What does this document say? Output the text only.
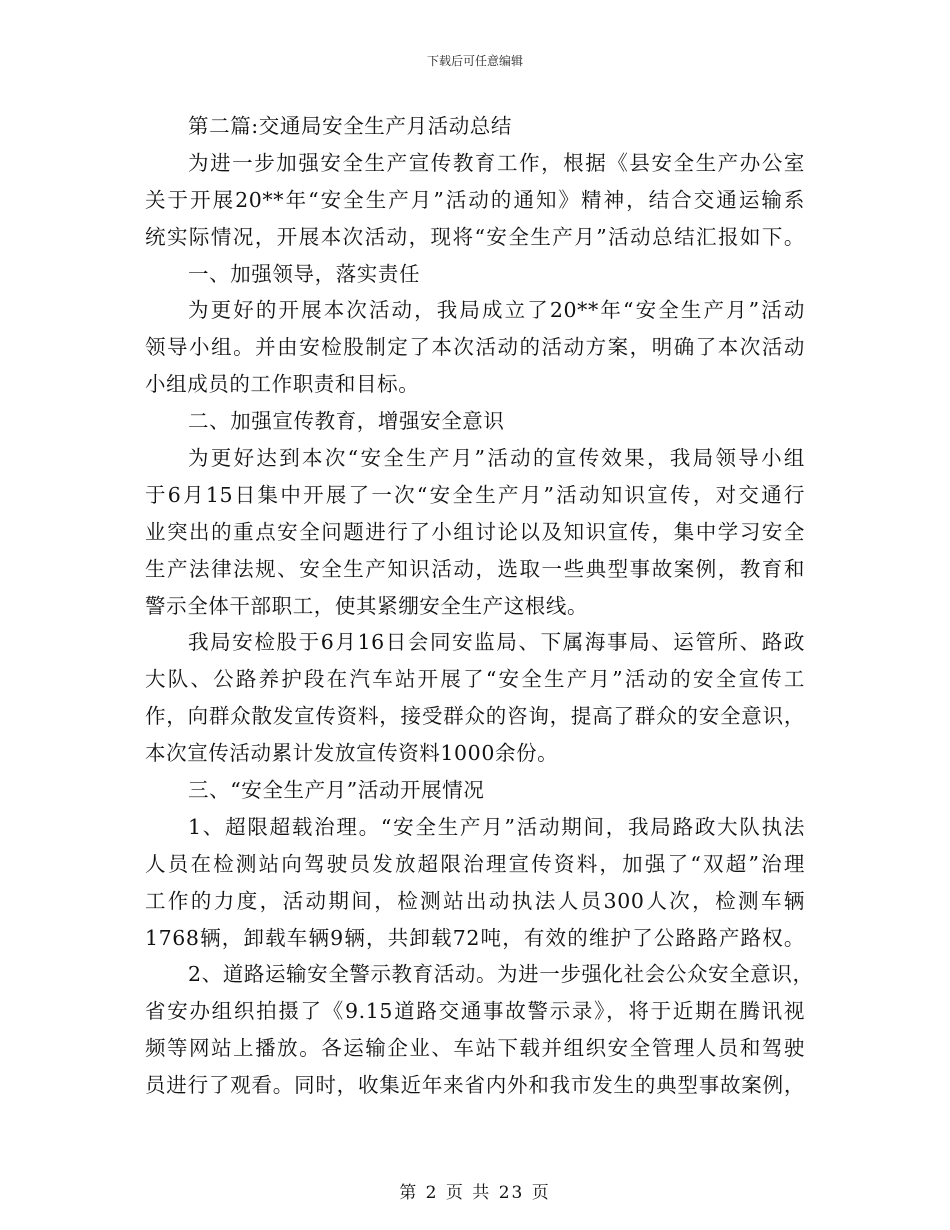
下载后可任意编辑
第二篇:交通局安全生产月活动总结
为进一步加强安全生产宣传教育工作，根据《县安全生产办公室
关于开展20**年“安全生产月”活动的通知》精神，结合交通运输系
统实际情况，开展本次活动，现将“安全生产月”活动总结汇报如下。
一、加强领导，落实责任
为更好的开展本次活动，我局成立了20**年“安全生产月”活动
领导小组。并由安检股制定了本次活动的活动方案，明确了本次活动
小组成员的工作职责和目标。
二、加强宣传教育，增强安全意识
为更好达到本次“安全生产月”活动的宣传效果，我局领导小组
于6月15日集中开展了一次“安全生产月”活动知识宣传，对交通行
业突出的重点安全问题进行了小组讨论以及知识宣传，集中学习安全
生产法律法规、安全生产知识活动，选取一些典型事故案例，教育和
警示全体干部职工，使其紧绷安全生产这根线。
我局安检股于6月16日会同安监局、下属海事局、运管所、路政
大队、公路养护段在汽车站开展了“安全生产月”活动的安全宣传工
作，向群众散发宣传资料，接受群众的咨询，提高了群众的安全意识，
本次宣传活动累计发放宣传资料1000余份。
三、“安全生产月”活动开展情况
1、超限超载治理。“安全生产月”活动期间，我局路政大队执法
人员在检测站向驾驶员发放超限治理宣传资料，加强了“双超”治理
工作的力度，活动期间，检测站出动执法人员300人次，检测车辆
1768辆，卸载车辆9辆，共卸载72吨，有效的维护了公路路产路权。
2、道路运输安全警示教育活动。为进一步强化社会公众安全意识，
省安办组织拍摄了《9.15道路交通事故警示录》，将于近期在腾讯视
频等网站上播放。各运输企业、车站下载并组织安全管理人员和驾驶
员进行了观看。同时，收集近年来省内外和我市发生的典型事故案例，
第 2 页 共 23 页
